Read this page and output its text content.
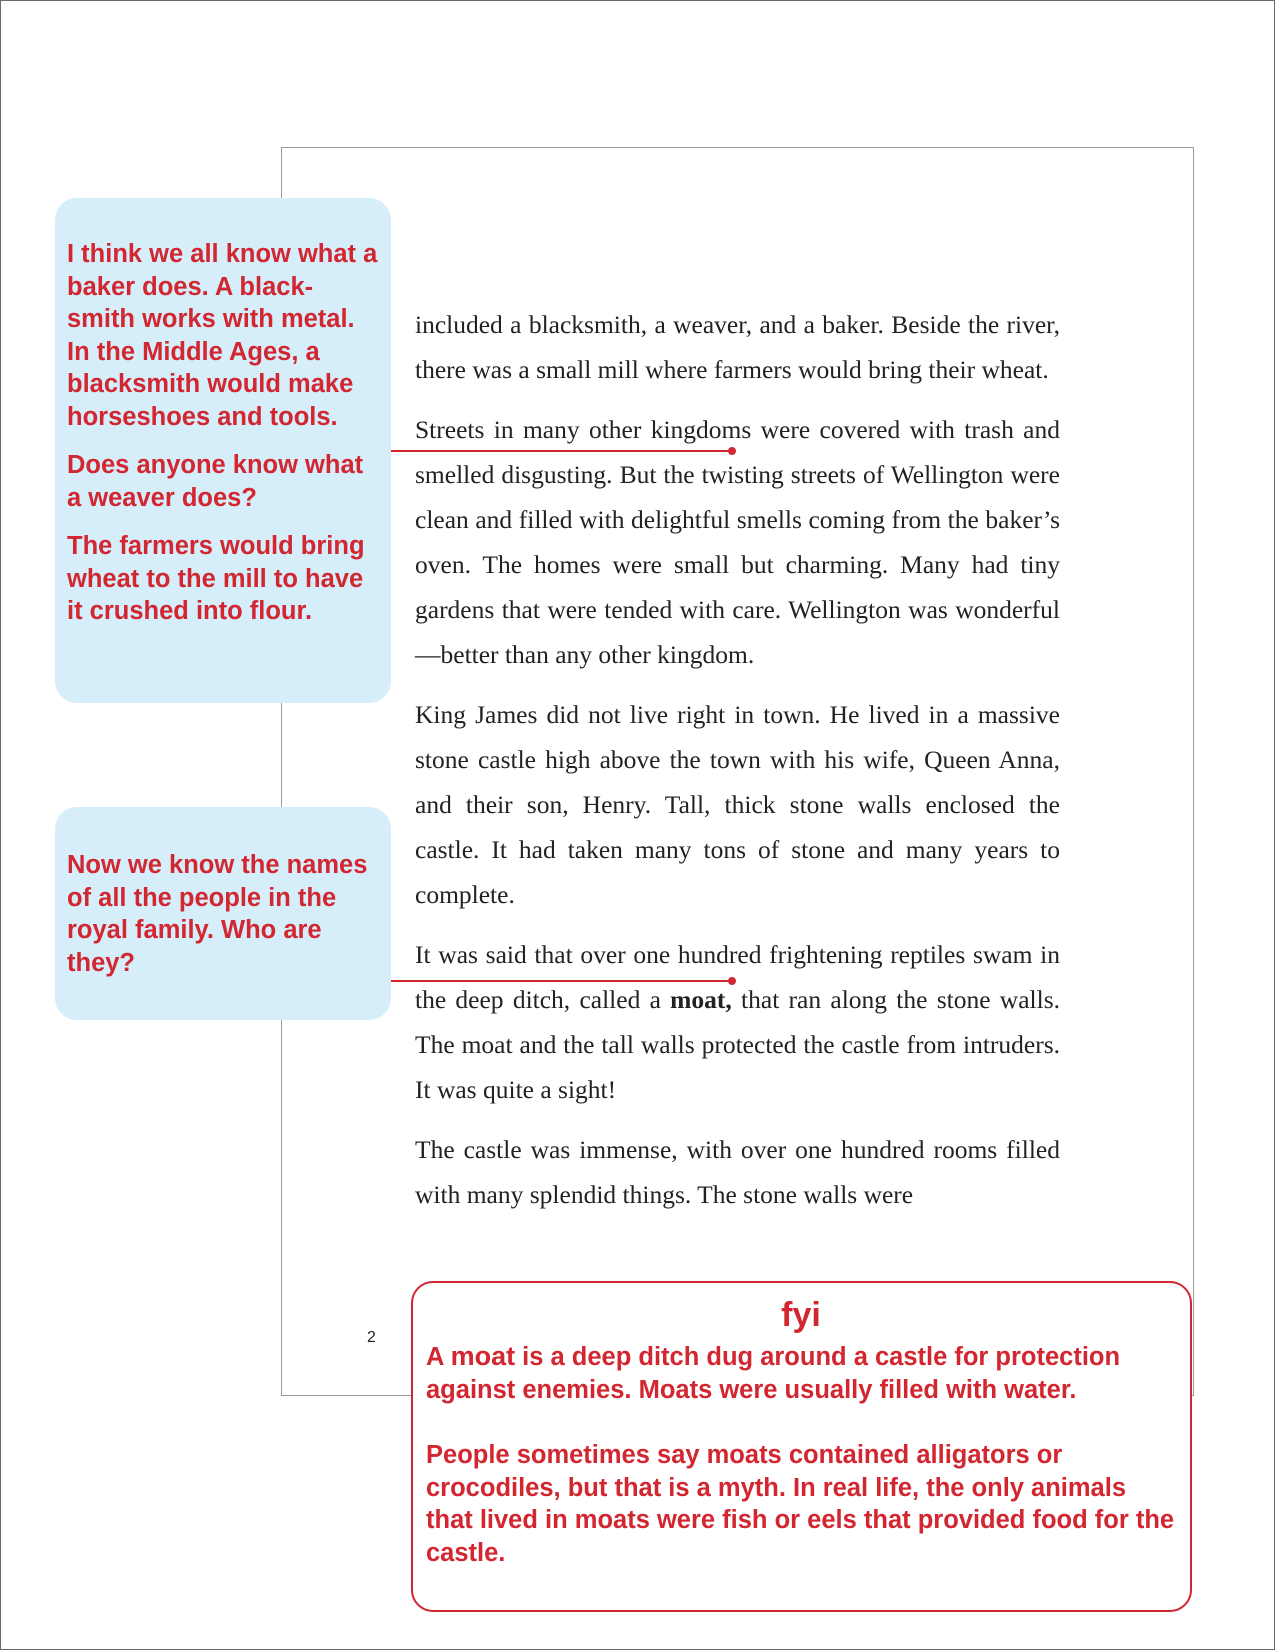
I think we all know what a baker does. A black-smith works with metal. In the Middle Ages, a blacksmith would make horseshoes and tools.

Does anyone know what a weaver does?

The farmers would bring wheat to the mill to have it crushed into flour.

Now we know the names of all the people in the royal family. Who are they?

included a blacksmith, a weaver, and a baker. Beside the river, there was a small mill where farmers would bring their wheat.

Streets in many other kingdoms were covered with trash and smelled disgusting. But the twisting streets of Wellington were clean and filled with delightful smells coming from the baker’s oven. The homes were small but charming. Many had tiny gardens that were tended with care. Wellington was wonderful—better than any other kingdom.

King James did not live right in town. He lived in a massive stone castle high above the town with his wife, Queen Anna, and their son, Henry. Tall, thick stone walls enclosed the castle. It had taken many tons of stone and many years to complete.

It was said that over one hundred frightening reptiles swam in the deep ditch, called a moat, that ran along the stone walls. The moat and the tall walls protected the castle from intruders. It was quite a sight!

The castle was immense, with over one hundred rooms filled with many splendid things. The stone walls were

2
fyi

A moat is a deep ditch dug around a castle for protection against enemies. Moats were usually filled with water.

People sometimes say moats contained alligators or crocodiles, but that is a myth. In real life, the only animals that lived in moats were fish or eels that provided food for the castle.
